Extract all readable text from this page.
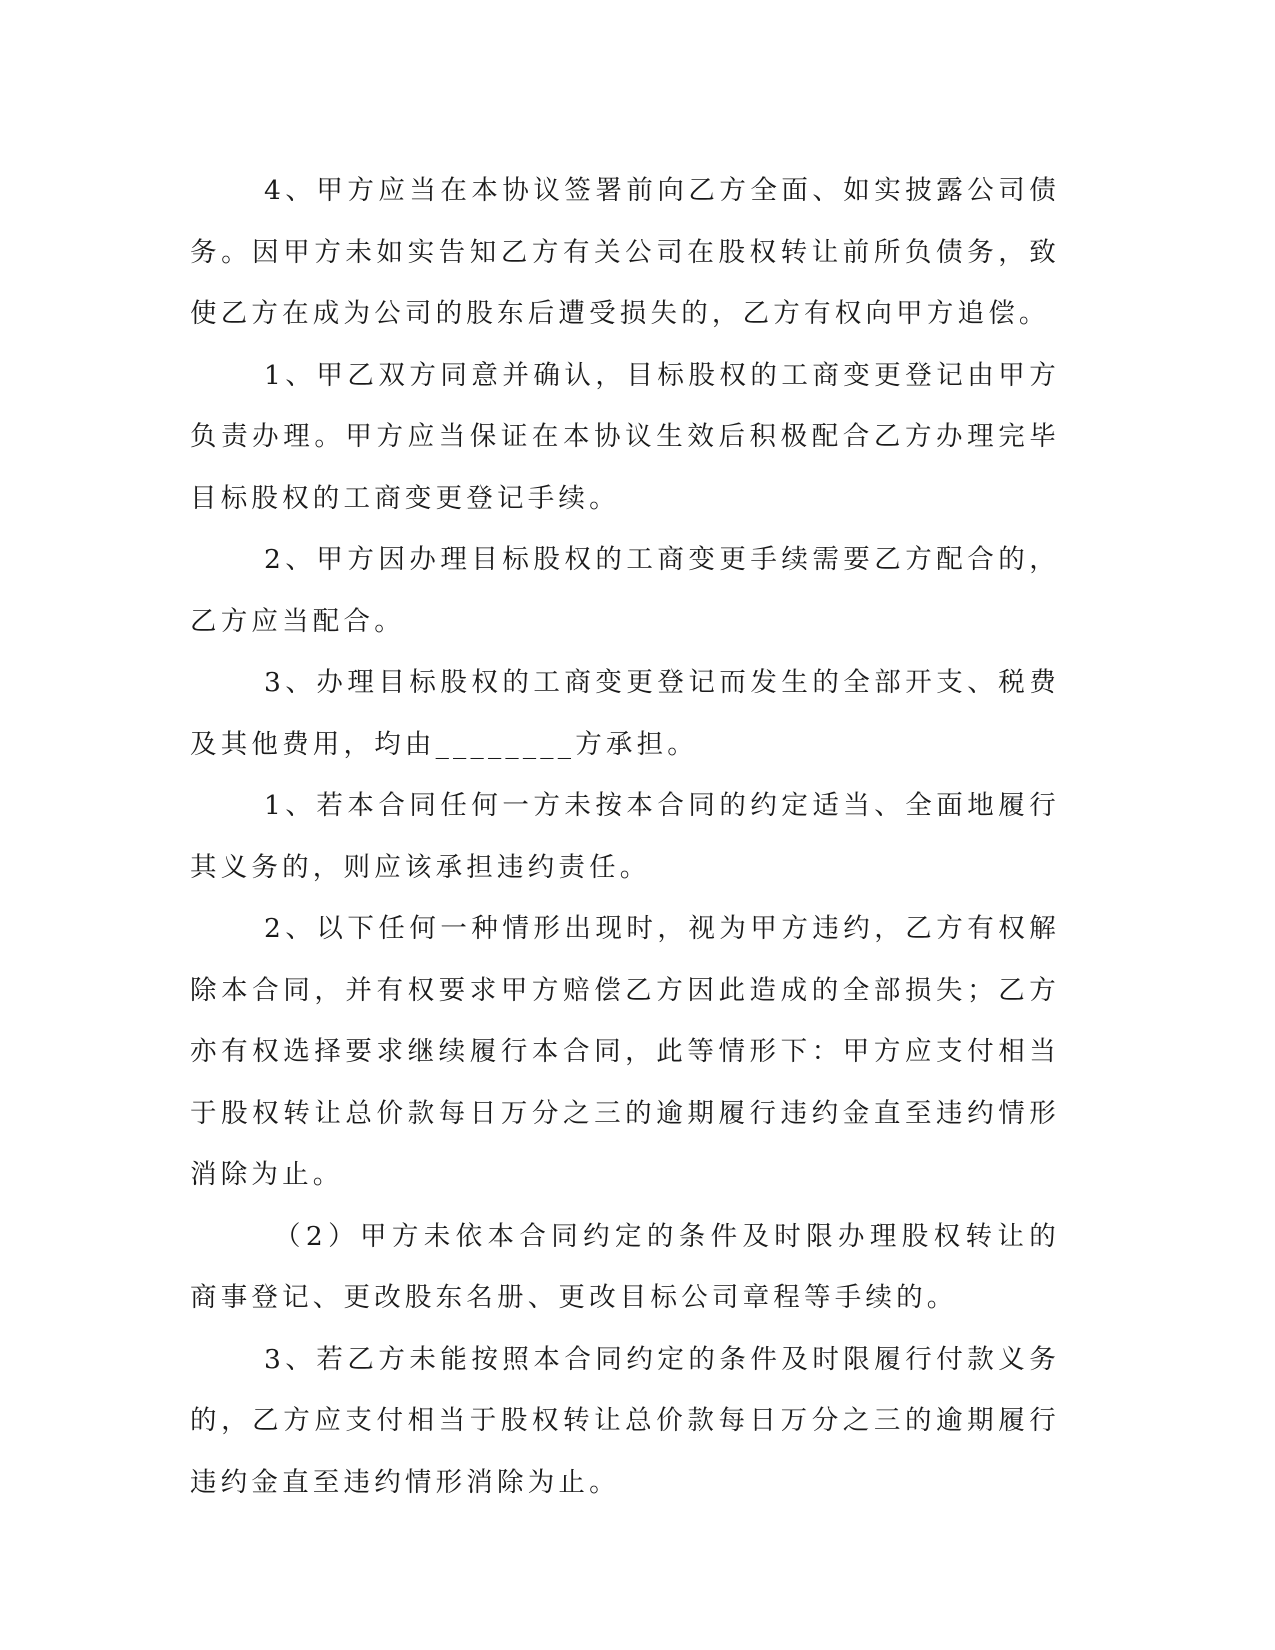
4、甲方应当在本协议签署前向乙方全面、如实披露公司债务。因甲方未如实告知乙方有关公司在股权转让前所负债务，致使乙方在成为公司的股东后遭受损失的，乙方有权向甲方追偿。

1、甲乙双方同意并确认，目标股权的工商变更登记由甲方负责办理。甲方应当保证在本协议生效后积极配合乙方办理完毕目标股权的工商变更登记手续。

2、甲方因办理目标股权的工商变更手续需要乙方配合的，乙方应当配合。

3、办理目标股权的工商变更登记而发生的全部开支、税费及其他费用，均由________方承担。

1、若本合同任何一方未按本合同的约定适当、全面地履行其义务的，则应该承担违约责任。

2、以下任何一种情形出现时，视为甲方违约，乙方有权解除本合同，并有权要求甲方赔偿乙方因此造成的全部损失；乙方亦有权选择要求继续履行本合同，此等情形下：甲方应支付相当于股权转让总价款每日万分之三的逾期履行违约金直至违约情形消除为止。

（2）甲方未依本合同约定的条件及时限办理股权转让的商事登记、更改股东名册、更改目标公司章程等手续的。

3、若乙方未能按照本合同约定的条件及时限履行付款义务的，乙方应支付相当于股权转让总价款每日万分之三的逾期履行违约金直至违约情形消除为止。
